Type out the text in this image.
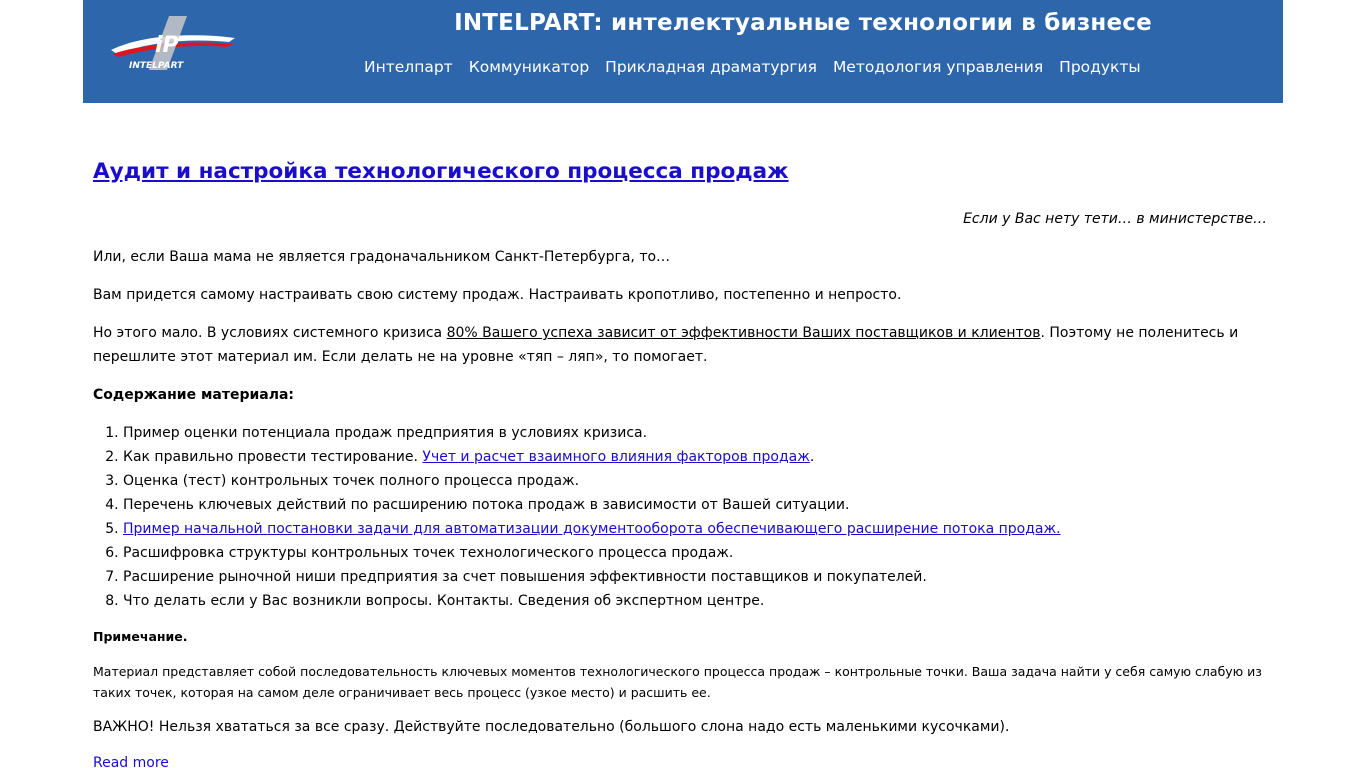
iP
INTELPART
INTELPART: интелектуальные технологии в бизнесе
Интелпарт	Коммуникатор	Прикладная драматургия	Методология управления	Продукты
Аудит и настройка технологического процесса продаж
Если у Вас нету тети… в министерстве…

Или, если Ваша мама не является градоначальником Санкт-Петербурга, то…

Вам придется самому настраивать свою систему продаж. Настраивать кропотливо, постепенно и непросто.

Но этого мало. В условиях системного кризиса 80% Вашего успеха зависит от эффективности Ваших поставщиков и клиентов. Поэтому не поленитесь и перешлите этот материал им. Если делать не на уровне «тяп – ляп», то помогает.

Содержание материала:

1. Пример оценки потенциала продаж предприятия в условиях кризиса.
2. Как правильно провести тестирование. Учет и расчет взаимного влияния факторов продаж.
3. Оценка (тест) контрольных точек полного процесса продаж.
4. Перечень ключевых действий по расширению потока продаж в зависимости от Вашей ситуации.
5. Пример начальной постановки задачи для автоматизации документооборота обеспечивающего расширение потока продаж.
6. Расшифровка структуры контрольных точек технологического процесса продаж.
7. Расширение рыночной ниши предприятия за счет повышения эффективности поставщиков и покупателей.
8. Что делать если у Вас возникли вопросы. Контакты. Сведения об экспертном центре.
Примечание.
Материал представляет собой последовательность ключевых моментов технологического процесса продаж – контрольные точки. Ваша задача найти у себя самую слабую из таких точек, которая на самом деле ограничивает весь процесс (узкое место) и расшить ее.

ВАЖНО! Нельзя хвататься за все сразу. Действуйте последовательно (большого слона надо есть маленькими кусочками).

Read more
